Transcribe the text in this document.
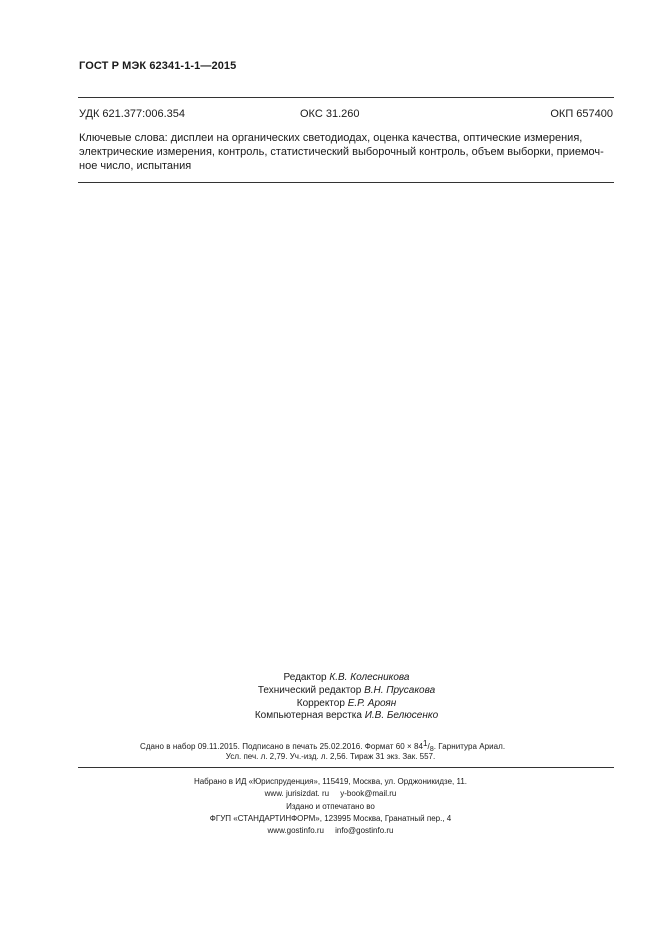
ГОСТ Р МЭК 62341-1-1—2015
УДК 621.377:006.354	ОКС 31.260	ОКП 657400
Ключевые слова: дисплеи на органических светодиодах, оценка качества, оптические измерения,
электрические измерения, контроль, статистический выборочный контроль, объем выборки, приемоч-
ное число, испытания
Редактор К.В. Колесникова
Технический редактор В.Н. Прусакова
Корректор Е.Р. Ароян
Компьютерная верстка И.В. Белюсенко
Сдано в набор 09.11.2015. Подписано в печать 25.02.2016. Формат $60 \times 84^1/_8$. Гарнитура Ариал.
Усл. печ. л. 2,79. Уч.-изд. л. 2,56. Тираж 31 экз. Зак. 557.
Набрано в ИД «Юриспруденция», 115419, Москва, ул. Орджоникидзе, 11.
www. jurisizdat. ru     y-book@mail.ru
Издано и отпечатано во
ФГУП «СТАНДАРТИНФОРМ», 123995 Москва, Гранатный пер., 4
www.gostinfo.ru     info@gostinfo.ru
